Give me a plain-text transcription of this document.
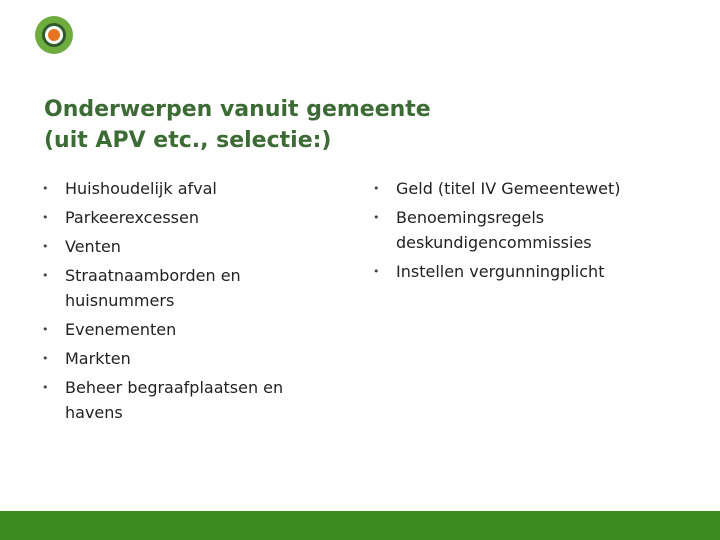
Onderwerpen vanuit gemeente
(uit APV etc., selectie:)
• Huishoudelijk afval
• Parkeerexcessen
• Venten
• Straatnaamborden en huisnummers
• Evenementen
• Markten
• Beheer begraafplaatsen en havens
• Geld (titel IV Gemeentewet)
• Benoemingsregels deskundigencommissies
• Instellen vergunningplicht
